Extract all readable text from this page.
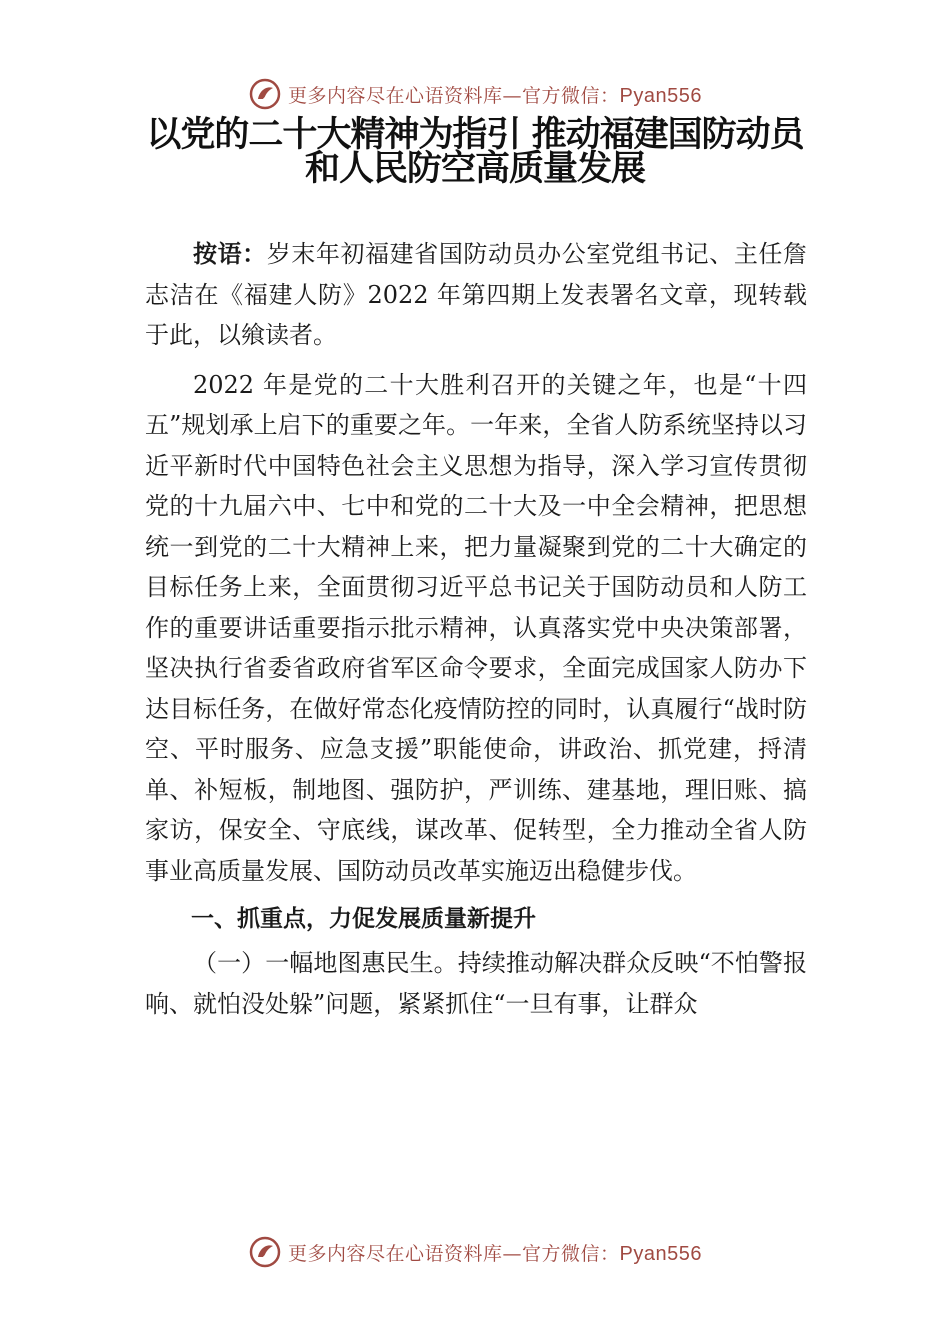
更多内容尽在心语资料库—官方微信：Pyan556
以党的二十大精神为指引 推动福建国防动员和人民防空高质量发展

按语：岁末年初福建省国防动员办公室党组书记、主任詹志洁在《福建人防》2022 年第四期上发表署名文章，现转载于此，以飨读者。

2022 年是党的二十大胜利召开的关键之年，也是“十四五”规划承上启下的重要之年。一年来，全省人防系统坚持以习近平新时代中国特色社会主义思想为指导，深入学习宣传贯彻党的十九届六中、七中和党的二十大及一中全会精神，把思想统一到党的二十大精神上来，把力量凝聚到党的二十大确定的目标任务上来，全面贯彻习近平总书记关于国防动员和人防工作的重要讲话重要指示批示精神，认真落实党中央决策部署，坚决执行省委省政府省军区命令要求，全面完成国家人防办下达目标任务，在做好常态化疫情防控的同时，认真履行“战时防空、平时服务、应急支援”职能使命，讲政治、抓党建，捋清单、补短板，制地图、强防护，严训练、建基地，理旧账、搞家访，保安全、守底线，谋改革、促转型，全力推动全省人防事业高质量发展、国防动员改革实施迈出稳健步伐。

一、抓重点，力促发展质量新提升

（一）一幅地图惠民生。持续推动解决群众反映“不怕警报响、就怕没处躲”问题，紧紧抓住“一旦有事，让群众

更多内容尽在心语资料库—官方微信：Pyan556
